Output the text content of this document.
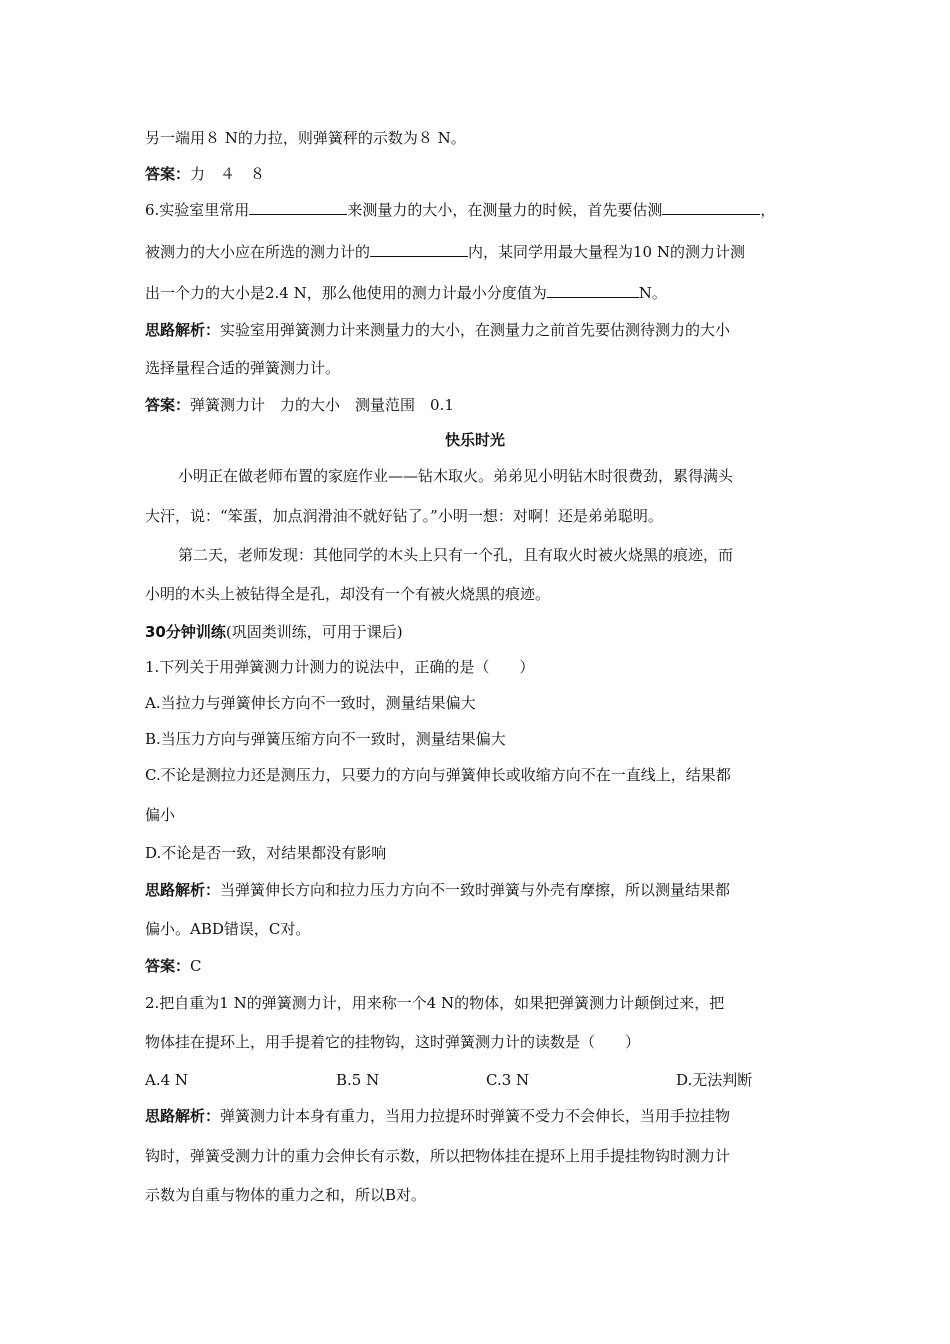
另一端用８ N的力拉，则弹簧秤的示数为８ N。
答案：力　４　８
6.实验室里常用	来测量力的大小，在测量力的时候，首先要估测	，
被测力的大小应在所选的测力计的	内，某同学用最大量程为10 N的测力计测
出一个力的大小是2.4 N，那么他使用的测力计最小分度值为	N。
思路解析：实验室用弹簧测力计来测量力的大小，在测量力之前首先要估测待测力的大小
选择量程合适的弹簧测力计。
答案：弹簧测力计　力的大小　测量范围　0.1
快乐时光
小明正在做老师布置的家庭作业——钻木取火。弟弟见小明钻木时很费劲，累得满头
大汗，说：“笨蛋，加点润滑油不就好钻了。”小明一想：对啊！还是弟弟聪明。
第二天，老师发现：其他同学的木头上只有一个孔，且有取火时被火烧黑的痕迹，而
小明的木头上被钻得全是孔，却没有一个有被火烧黑的痕迹。
30分钟训练(巩固类训练，可用于课后)
1.下列关于用弹簧测力计测力的说法中，正确的是（　　）
A.当拉力与弹簧伸长方向不一致时，测量结果偏大
B.当压力方向与弹簧压缩方向不一致时，测量结果偏大
C.不论是测拉力还是测压力，只要力的方向与弹簧伸长或收缩方向不在一直线上，结果都
偏小
D.不论是否一致，对结果都没有影响
思路解析：当弹簧伸长方向和拉力压力方向不一致时弹簧与外壳有摩擦，所以测量结果都
偏小。ABD错误，C对。
答案：C
2.把自重为1 N的弹簧测力计，用来称一个4 N的物体，如果把弹簧测力计颠倒过来，把
物体挂在提环上，用手提着它的挂物钩，这时弹簧测力计的读数是（　　）
A.4 N	B.5 N	C.3 N	D.无法判断
思路解析：弹簧测力计本身有重力，当用力拉提环时弹簧不受力不会伸长，当用手拉挂物
钩时，弹簧受测力计的重力会伸长有示数，所以把物体挂在提环上用手提挂物钩时测力计
示数为自重与物体的重力之和，所以B对。
